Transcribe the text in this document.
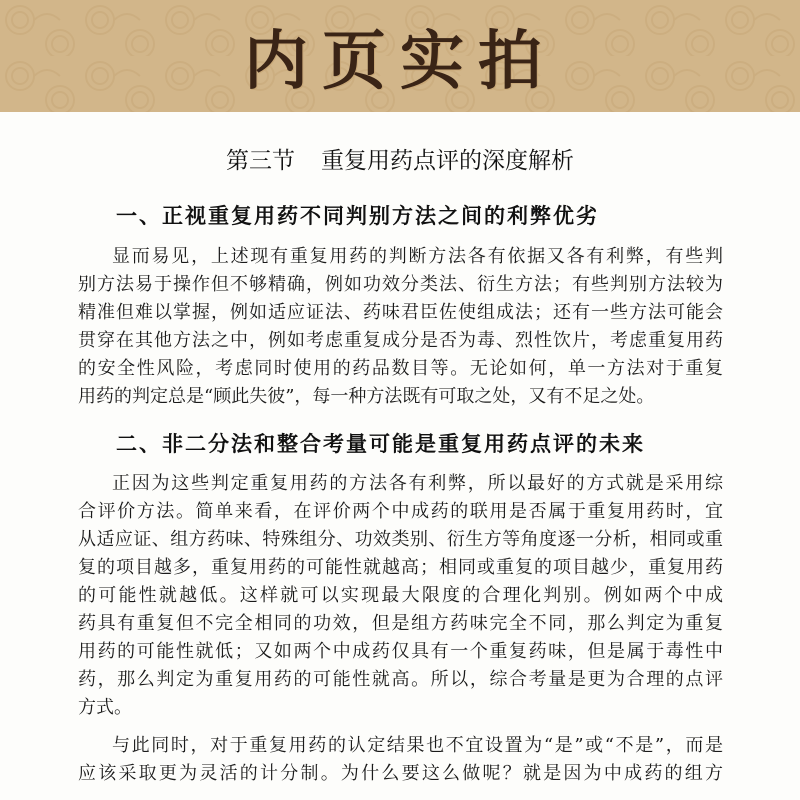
内页实拍
第三节 重复用药点评的深度解析
一、正视重复用药不同判别方法之间的利弊优劣
显而易见，上述现有重复用药的判断方法各有依据又各有利弊，有些判
别方法易于操作但不够精确，例如功效分类法、衍生方法；有些判别方法较为
精准但难以掌握，例如适应证法、药味君臣佐使组成法；还有一些方法可能会
贯穿在其他方法之中，例如考虑重复成分是否为毒、烈性饮片，考虑重复用药
的安全性风险，考虑同时使用的药品数目等。无论如何，单一方法对于重复
用药的判定总是“顾此失彼”，每一种方法既有可取之处，又有不足之处。
二、非二分法和整合考量可能是重复用药点评的未来
正因为这些判定重复用药的方法各有利弊，所以最好的方式就是采用综
合评价方法。简单来看，在评价两个中成药的联用是否属于重复用药时，宜
从适应证、组方药味、特殊组分、功效类别、衍生方等角度逐一分析，相同或重
复的项目越多，重复用药的可能性就越高；相同或重复的项目越少，重复用药
的可能性就越低。这样就可以实现最大限度的合理化判别。例如两个中成
药具有重复但不完全相同的功效，但是组方药味完全不同，那么判定为重复
用药的可能性就低；又如两个中成药仅具有一个重复药味，但是属于毒性中
药，那么判定为重复用药的可能性就高。所以，综合考量是更为合理的点评
方式。
与此同时，对于重复用药的认定结果也不宜设置为“是”或“不是”，而是
应该采取更为灵活的计分制。为什么要这么做呢？就是因为中成药的组方
